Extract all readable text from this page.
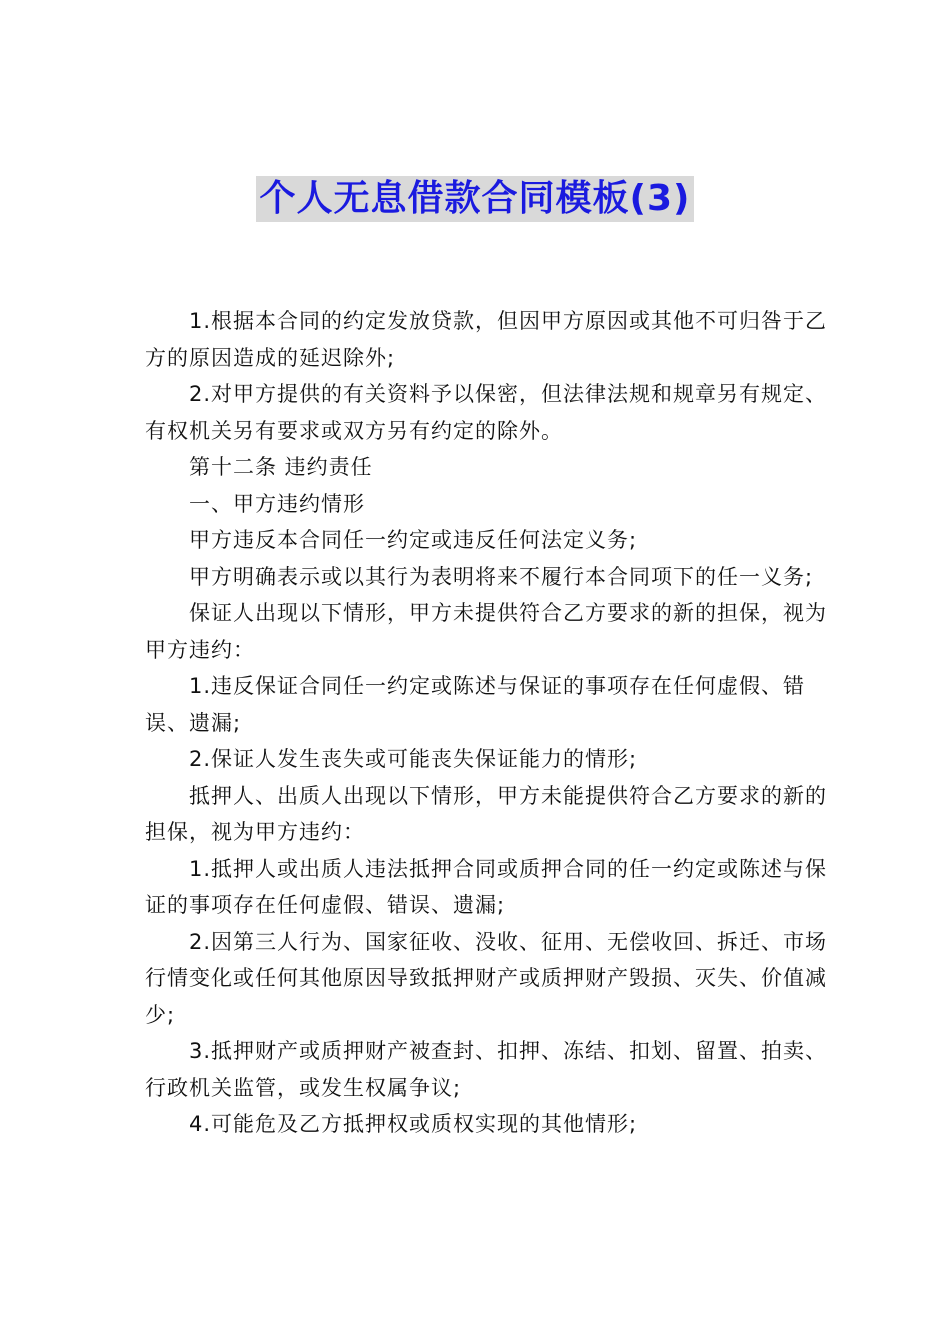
个人无息借款合同模板(3)

1.根据本合同的约定发放贷款，但因甲方原因或其他不可归咎于乙方的原因造成的延迟除外;

2.对甲方提供的有关资料予以保密，但法律法规和规章另有规定、有权机关另有要求或双方另有约定的除外。

第十二条 违约责任

一、甲方违约情形

甲方违反本合同任一约定或违反任何法定义务;

甲方明确表示或以其行为表明将来不履行本合同项下的任一义务;

保证人出现以下情形，甲方未提供符合乙方要求的新的担保，视为甲方违约：

1.违反保证合同任一约定或陈述与保证的事项存在任何虚假、错误、遗漏;

2.保证人发生丧失或可能丧失保证能力的情形;

抵押人、出质人出现以下情形，甲方未能提供符合乙方要求的新的担保，视为甲方违约：

1.抵押人或出质人违法抵押合同或质押合同的任一约定或陈述与保证的事项存在任何虚假、错误、遗漏;

2.因第三人行为、国家征收、没收、征用、无偿收回、拆迁、市场行情变化或任何其他原因导致抵押财产或质押财产毁损、灭失、价值减少;

3.抵押财产或质押财产被查封、扣押、冻结、扣划、留置、拍卖、行政机关监管，或发生权属争议;

4.可能危及乙方抵押权或质权实现的其他情形;
